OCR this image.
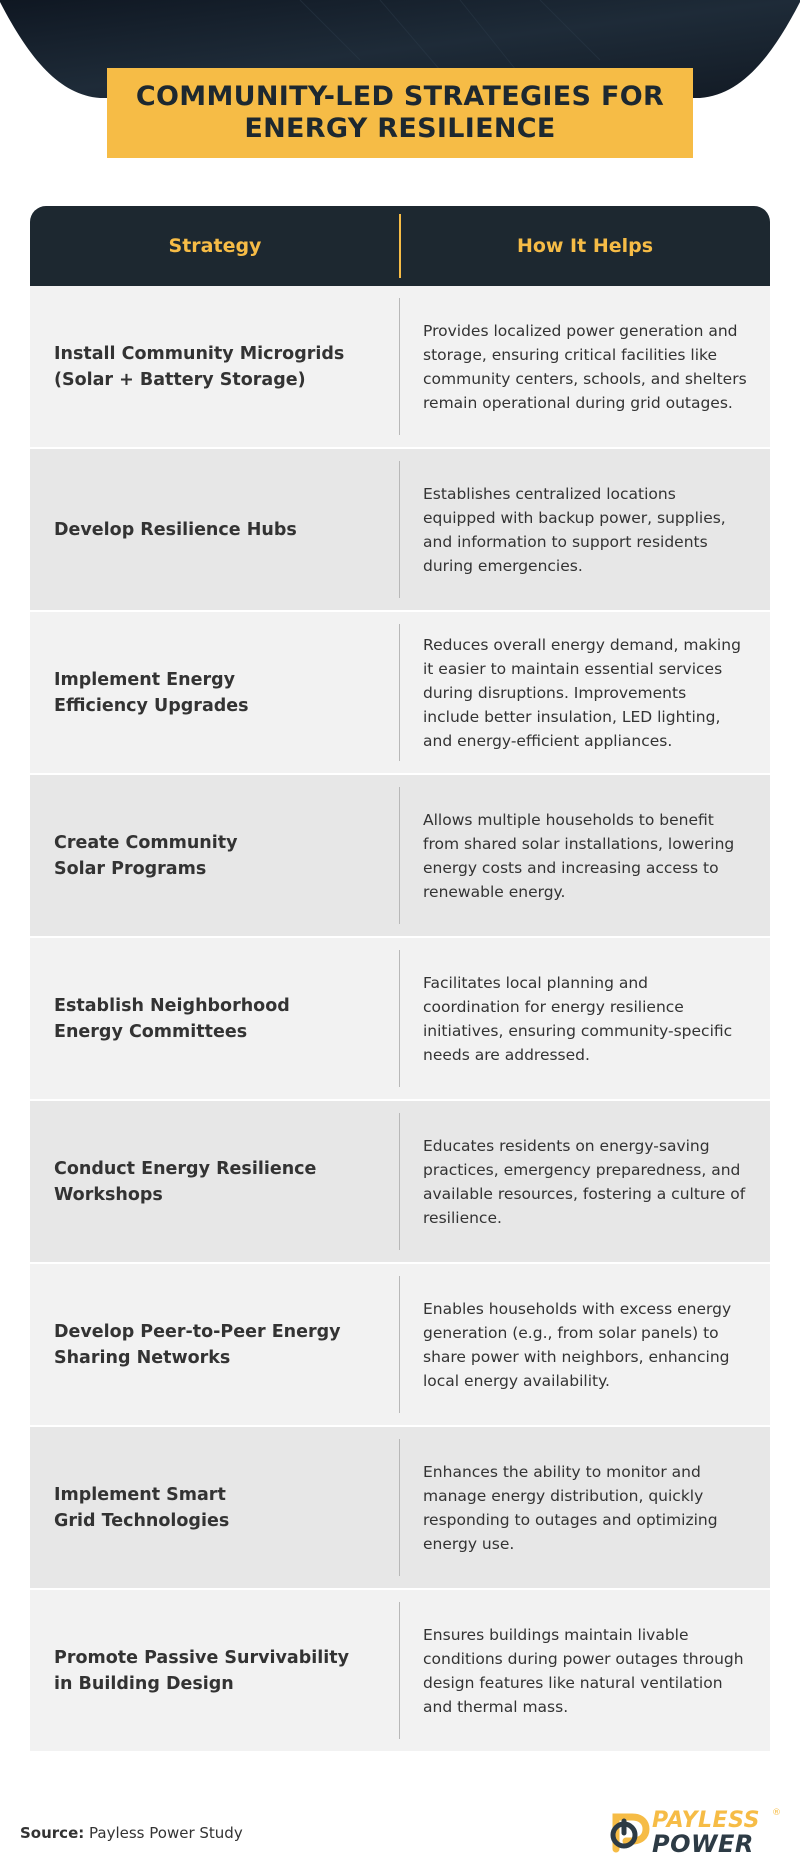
COMMUNITY-LED STRATEGIES FOR
ENERGY RESILIENCE
Strategy	How It Helps
Install Community Microgrids
(Solar + Battery Storage)
Provides localized power generation and
storage, ensuring critical facilities like
community centers, schools, and shelters
remain operational during grid outages.
Develop Resilience Hubs
Establishes centralized locations
equipped with backup power, supplies,
and information to support residents
during emergencies.
Implement Energy
Efficiency Upgrades
Reduces overall energy demand, making
it easier to maintain essential services
during disruptions. Improvements
include better insulation, LED lighting,
and energy-efficient appliances.
Create Community
Solar Programs
Allows multiple households to benefit
from shared solar installations, lowering
energy costs and increasing access to
renewable energy.
Establish Neighborhood
Energy Committees
Facilitates local planning and
coordination for energy resilience
initiatives, ensuring community-specific
needs are addressed.
Conduct Energy Resilience
Workshops
Educates residents on energy-saving
practices, emergency preparedness, and
available resources, fostering a culture of
resilience.
Develop Peer-to-Peer Energy
Sharing Networks
Enables households with excess energy
generation (e.g., from solar panels) to
share power with neighbors, enhancing
local energy availability.
Implement Smart
Grid Technologies
Enhances the ability to monitor and
manage energy distribution, quickly
responding to outages and optimizing
energy use.
Promote Passive Survivability
in Building Design
Ensures buildings maintain livable
conditions during power outages through
design features like natural ventilation
and thermal mass.
Source: Payless Power Study	PAYLESS
POWER
®
